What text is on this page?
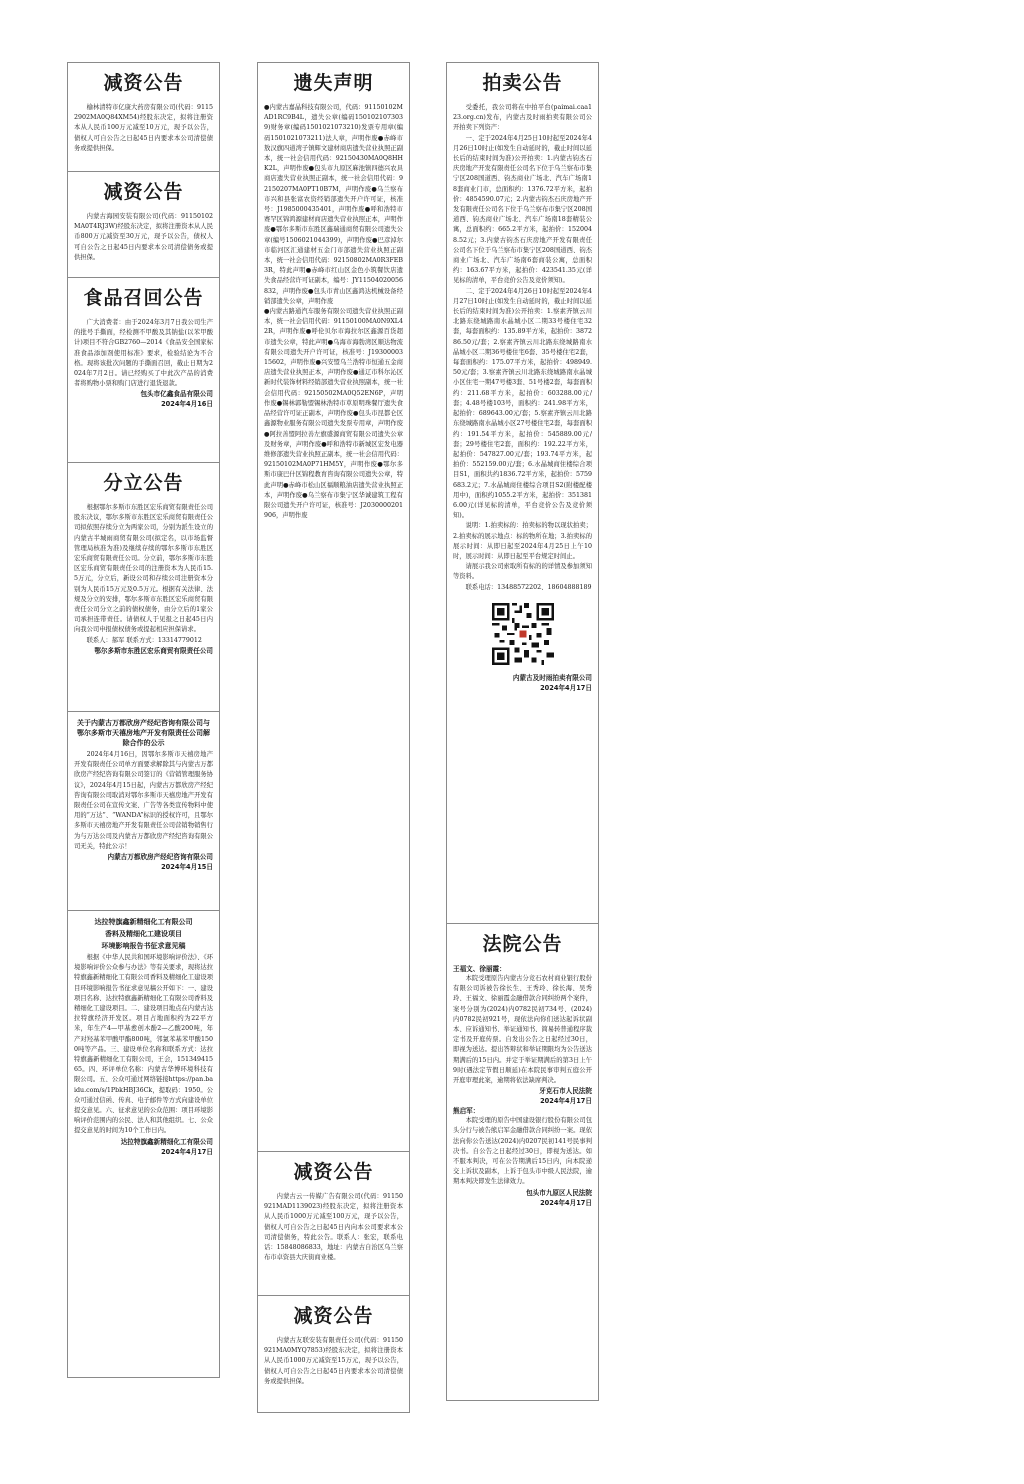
减资公告

榆林清特市亿康大药房有限公司(代码：91152902MA0Q84XM54)经股东决定，拟将注册资本从人民币100万元减至10万元，现予以公告，债权人可自公告之日起45日内要求本公司清偿债务或提供担保。

减资公告

内蒙古海园安装有限公司(代码：91150102MA0T4RJ3W)经股东决定，拟将注册资本从人民币800万元减资至30万元，现予以公告，债权人可自公告之日起45日内要求本公司清偿债务或提供担保。

食品召回公告

广大消费者：由于2024年3月7日我公司生产的批号手撕面，经检测不甲酸及其钠盐(以苯甲酸计)项目不符合GB2760—2014《食品安全国家标准食品添加剂使用标准》要求，检验结论为不合格。现将该批次问题的手撕面召回，截止日期为2024年7月2日。请已经购买了中此次产品的消费者将购物小票和购门店进行退货退款。

包头市亿鑫食品有限公司

2024年4月16日

分立公告

根据鄂尔多斯市东胜区宏乐商贸有限责任公司股东决议，鄂尔多斯市东胜区宏乐商贸有限责任公司拟依照存续分立为两家公司，分别为派生设立的内蒙古半城雨商贸有限公司(拟定名，以市场监督管理局核准为准)及继续存续的鄂尔多斯市东胜区宏乐商贸有限责任公司。分立前，鄂尔多斯市东胜区宏乐商贸有限责任公司的注册资本为人民币15.5万元，分立后，新设公司和存续公司注册资本分别为人民币15万元及0.5万元。根据有关法律、法规及分立的安排，鄂尔多斯市东胜区宏乐商贸有限责任公司分立之前的债权债务，由分立后的1家公司承担连带责任。请债权人于见报之日起45日内向我公司申报债权债务或提起相应担保请求。

联系人：郝军 联系方式：13314779012

鄂尔多斯市东胜区宏乐商贸有限责任公司

关于内蒙古万都欣房产经纪咨询有限公司与鄂尔多斯市天禧房地产开发有限责任公司解除合作的公示

2024年4月16日，因鄂尔多斯市天禧房地产开发有限责任公司单方面要求解除其与内蒙古万都欣房产经纪咨询有限公司签订的《营销管理服务协议》，2024年4月15日起，内蒙古万都欣房产经纪咨询有限公司取消对鄂尔多斯市天禧房地产开发有限责任公司在宣传文案、广告等各类宣传物料中使用的“万达”、“WANDA”标识的授权许可，且鄂尔多斯市天禧房地产开发有限责任公司营销物销售行为与万达公司及内蒙古万都欣房产经纪咨询有限公司无关，特此公示！

内蒙古万都欣房产经纪咨询有限公司

2024年4月15日

达拉特旗鑫新精细化工有限公司
香料及精细化工建设项目
环境影响报告书征求意见稿

根据《中华人民共和国环境影响评价法》、《环境影响评价公众参与办法》等有关要求，现将达拉特旗鑫新精细化工有限公司香料及精细化工建设项目环境影响报告书征求意见稿公开如下：一、建设项目名称、达拉特旗鑫新精细化工有限公司香料及精细化工建设项目。二、建设项目地点在内蒙古达拉特旗经济开发区。项目占地面积约为22平方米，年生产4—甲基愈创木酚2—乙酸200吨，年产对羟基苯甲酸甲酯800吨，邻氯苯基苯甲酸1500吨等产品。三、建设单位名称和联系方式：达拉特旗鑫新精细化工有限公司，王会，15134941565。四、环评单位名称：内蒙古华博环境科技有限公司。五、公众可通过网络链接https://pan.baidu.com/s/1PbkHBJ36Ck，提取码：1950。公众可通过信函、传真、电子邮件等方式向建设单位提交意见。六、征求意见的公众范围：项目环境影响评价范围内的公民、法人和其他组织。七、公众提交意见的时间为10个工作日内。

达拉特旗鑫新精细化工有限公司

2024年4月17日

遗失声明

●内蒙古嘉晶科技有限公司，代码：91150102MAD1RC9B4L，遗失公章(编码1501021073039)财务章(编码1501021073210)发票专用章(编码1501021073211)法人章，声明作废●赤峰市敖汉旗四道湾子镇辉文建材商店遗失营业执照正副本，统一社会信用代码：92150430MA0Q8HHK2L，声明作废●包头市九原区麻池镇四德兴农具商店遗失营业执照正副本，统一社会信用代码：92150207MA0PT10B7M，声明作废●乌兰察布市兴和县张富农资经销部遗失开户许可证，核准号：J1985000435401，声明作废●呼和浩特市赛罕区锦鸿源建材商店遗失营业执照正本，声明作废●鄂尔多斯市东胜区鑫瑞通商贸有限公司遗失公章(编号1506021044399)，声明作废●巴彦淖尔市临河区汇通建材五金门市部遗失营业执照正副本，统一社会信用代码：92150802MA0R3FEB3R，特此声明●赤峰市红山区金色小筑餐饮店遗失食品经营许可证副本，编号：JY11504020056832，声明作废●包头市青山区鑫鸿达机械设备经销部遗失公章，声明作废

●内蒙古路通汽车服务有限公司遗失营业执照正副本，统一社会信用代码：91150100MA0N9XL42R，声明作废●呼伦贝尔市海拉尔区鑫源百货超市遗失公章，特此声明●乌海市海勃湾区顺达物流有限公司遗失开户许可证，核准号：J1930000315602，声明作废●兴安盟乌兰浩特市恒通五金商店遗失营业执照正本，声明作废●通辽市科尔沁区新时代装饰材料经销部遗失营业执照副本，统一社会信用代码：92150502MA0Q52EN6P，声明作废●锡林郭勒盟锡林浩特市草原明珠餐厅遗失食品经营许可证正副本，声明作废●包头市昆都仑区鑫源物业服务有限公司遗失发票专用章，声明作废●阿拉善盟阿拉善左旗盛源商贸有限公司遗失公章及财务章，声明作废●呼和浩特市新城区宏发电器维修部遗失营业执照正副本，统一社会信用代码：92150102MA0P71HM5Y，声明作废●鄂尔多斯市康巴什区锦程教育咨询有限公司遗失公章，特此声明●赤峰市松山区福顺粮油店遗失营业执照正本，声明作废●乌兰察布市集宁区华诚建筑工程有限公司遗失开户许可证，核准号：J2030000201906，声明作废

减资公告

内蒙古云一传媒广告有限公司(代码：91150921MAD1139023)经股东决定，拟将注册资本从人民币1000万元减至100万元，现予以公告，债权人可自公告之日起45日内向本公司要求本公司清偿债务，特此公告。联系人：张宏，联系电话：15848086833，地址：内蒙古自治区乌兰察布市卓资县大庆街商业楼。

减资公告

内蒙古友联安装有限责任公司(代码：91150921MA0MYQ7853)经股东决定，拟将注册资本从人民币1000万元减资至15万元，现予以公告，债权人可自公告之日起45日内要求本公司清偿债务或提供担保。

拍卖公告

受委托，我公司将在中拍平台(paimai.caa123.org.cn)发布，内蒙古及时雨拍卖有限公司公开拍卖下列资产：

一、定于2024年4月25日10时起至2024年4月26日10时止(如发生自动延时的，截止时间以延长后的结束时间为准)公开拍卖：1.内蒙古钧杰石庆房地产开发有限责任公司名下位于乌兰察布市集宁区208国道西、钧杰商业广场北、汽车广场南18套商业门市，总面积约：1376.72平方米，起拍价：4854590.07元；2.内蒙古钧杰石庆房地产开发有限责任公司名下位于乌兰察布市集宁区208国道西、钧杰商业广场北、汽车广场南18套精装公寓，总面积约：665.2平方米，起拍价：1520048.52元；3.内蒙古钧杰石庆房地产开发有限责任公司名下位于乌兰察布市集宁区208国道西、钧杰商业广场北、汽车广场南6套商装公寓，总面积约：163.67平方米，起拍价：423541.35元(详见标的清单，平台竞价公告及竞价须知)。

二、定于2024年4月26日10时起至2024年4月27日10时止(如发生自动延时的，截止时间以延长后的结束时间为准)公开拍卖：1.察素齐镇云川北路东绕城路南水晶城小区二期33号楼住宅32套，每套面积约：135.89平方米，起拍价：387286.50元/套；2.察素齐镇云川北路东绕城路南水晶城小区二期36号楼住宅6套、35号楼住宅2套，每套面积约：175.07平方米，起拍价：498949.50元/套；3.察素齐镇云川北路东绕城路南水晶城小区住宅一期47号楼3套、51号楼2套，每套面积约：211.68平方米，起拍价：603288.00元/套；4.48号楼103号，面积约：241.98平方米，起拍价：689643.00元/套；5.察素齐镇云川北路东绕城路南水晶城小区27号楼住宅2套，每套面积约：191.54平方米，起拍价：545889.00元/套；29号楼住宅2套，面积约：192.22平方米，起拍价：547827.00元/套；193.74平方米，起拍价：552159.00元/套；6.水晶城商住楼综合项目S1，面积共约1836.72平方米，起拍价：5759683.2元；7.水晶城商住楼综合项目S2(附楼配楼用中)，面积约1055.2平方米，起拍价：3513816.00元(详见标的清单，平台竞价公告及竞价须知)。

说明：1.拍卖标的：拍卖标的物以现状拍卖；2.拍卖标的展示地点：标的物所在地；3.拍卖标的展示时间：从即日起至2024年4月25日上午10时，展示时间：从即日起至平台规定时间止。

请展示我公司索取所有标的的详情及参加须知等资料。

联系电话：13488572202、18604888189

内蒙古及时雨拍卖有限公司

2024年4月17日

法院公告

王福文、徐丽霞：

本院受理原告内蒙古分竞石农村商业银行股份有限公司诉被告徐长生、王秀玲、徐长海、吴秀玲、王福文、徐丽霞金融借款合同纠纷两个案件，案号分别为(2024)内0782民初734号、(2024)内0782民初921号，现依法向你们送达起诉状副本、应诉通知书、举证通知书、简易转普通程序裁定书及开庭传票。自发出公告之日起经过30日，即视为送达。提出答辩状和举证期限均为公告送达期满后的15日内。并定于举证期满后的第3日上午9时(遇法定节假日顺延)在本院民事审判五庭公开开庭审理此案，逾期将依法缺席判决。

牙克石市人民法院

2024年4月17日

熊启军：

本院受理的原告中国建设银行股份有限公司包头分行与被告熊启军金融借款合同纠纷一案。现依法向你公告送达(2024)内0207民初141号民事判决书。自公告之日起经过30日，即视为送达。如不服本判决，可在公告期满后15日内，向本院递交上诉状及副本，上诉于包头市中级人民法院，逾期本判决即发生法律效力。

包头市九原区人民法院

2024年4月17日
